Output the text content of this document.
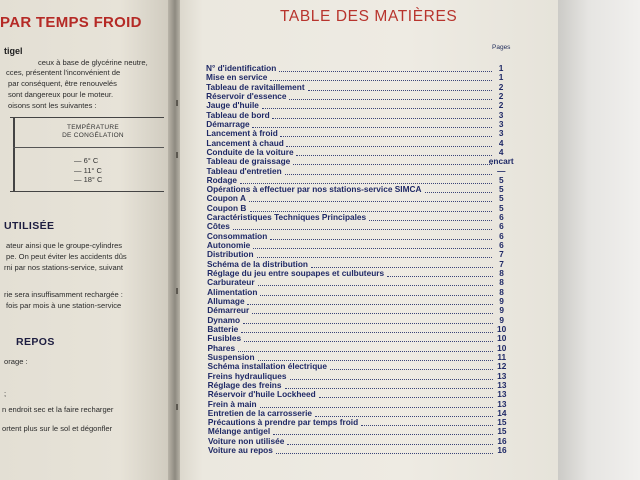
PAR TEMPS FROID
tigel
ceux à base de glycérine neutre,
cces, présentent l'inconvénient de
par conséquent, être renouvelés
sont dangereux pour le moteur.
oisons sont les suivantes :
TEMPÉRATURE
DE CONGÉLATION
— 6° C
— 11° C
— 18° C
UTILISÉE
ateur ainsi que le groupe-cylindres
pe. On peut éviter les accidents dûs
rni par nos stations-service, suivant
rie sera insuffisamment rechargée :
fois par mois à une station-service
REPOS
orage :
;
n endroit sec et la faire recharger
ortent plus sur le sol et dégonfler
TABLE DES MATIÈRES
Pages
N° d'identification	1
Mise en service	1
Tableau de ravitaillement	2
Réservoir d'essence	2
Jauge d'huile	2
Tableau de bord	3
Démarrage	3
Lancement à froid	3
Lancement à chaud	4
Conduite de la voiture	4
Tableau de graissage	encart
Tableau d'entretien	—
Rodage	5
Opérations à effectuer par nos stations-service SIMCA	5
Coupon A	5
Coupon B	5
Caractéristiques Techniques Principales	6
Côtes	6
Consommation	6
Autonomie	6
Distribution	7
Schéma de la distribution	7
Réglage du jeu entre soupapes et culbuteurs	8
Carburateur	8
Alimentation	8
Allumage	9
Démarreur	9
Dynamo	9
Batterie	10
Fusibles	10
Phares	10
Suspension	11
Schéma installation électrique	12
Freins hydrauliques	13
Réglage des freins	13
Réservoir d'huile Lockheed	13
Frein à main	13
Entretien de la carrosserie	14
Précautions à prendre par temps froid	15
Mélange antigel	15
Voiture non utilisée	16
Voiture au repos	16
